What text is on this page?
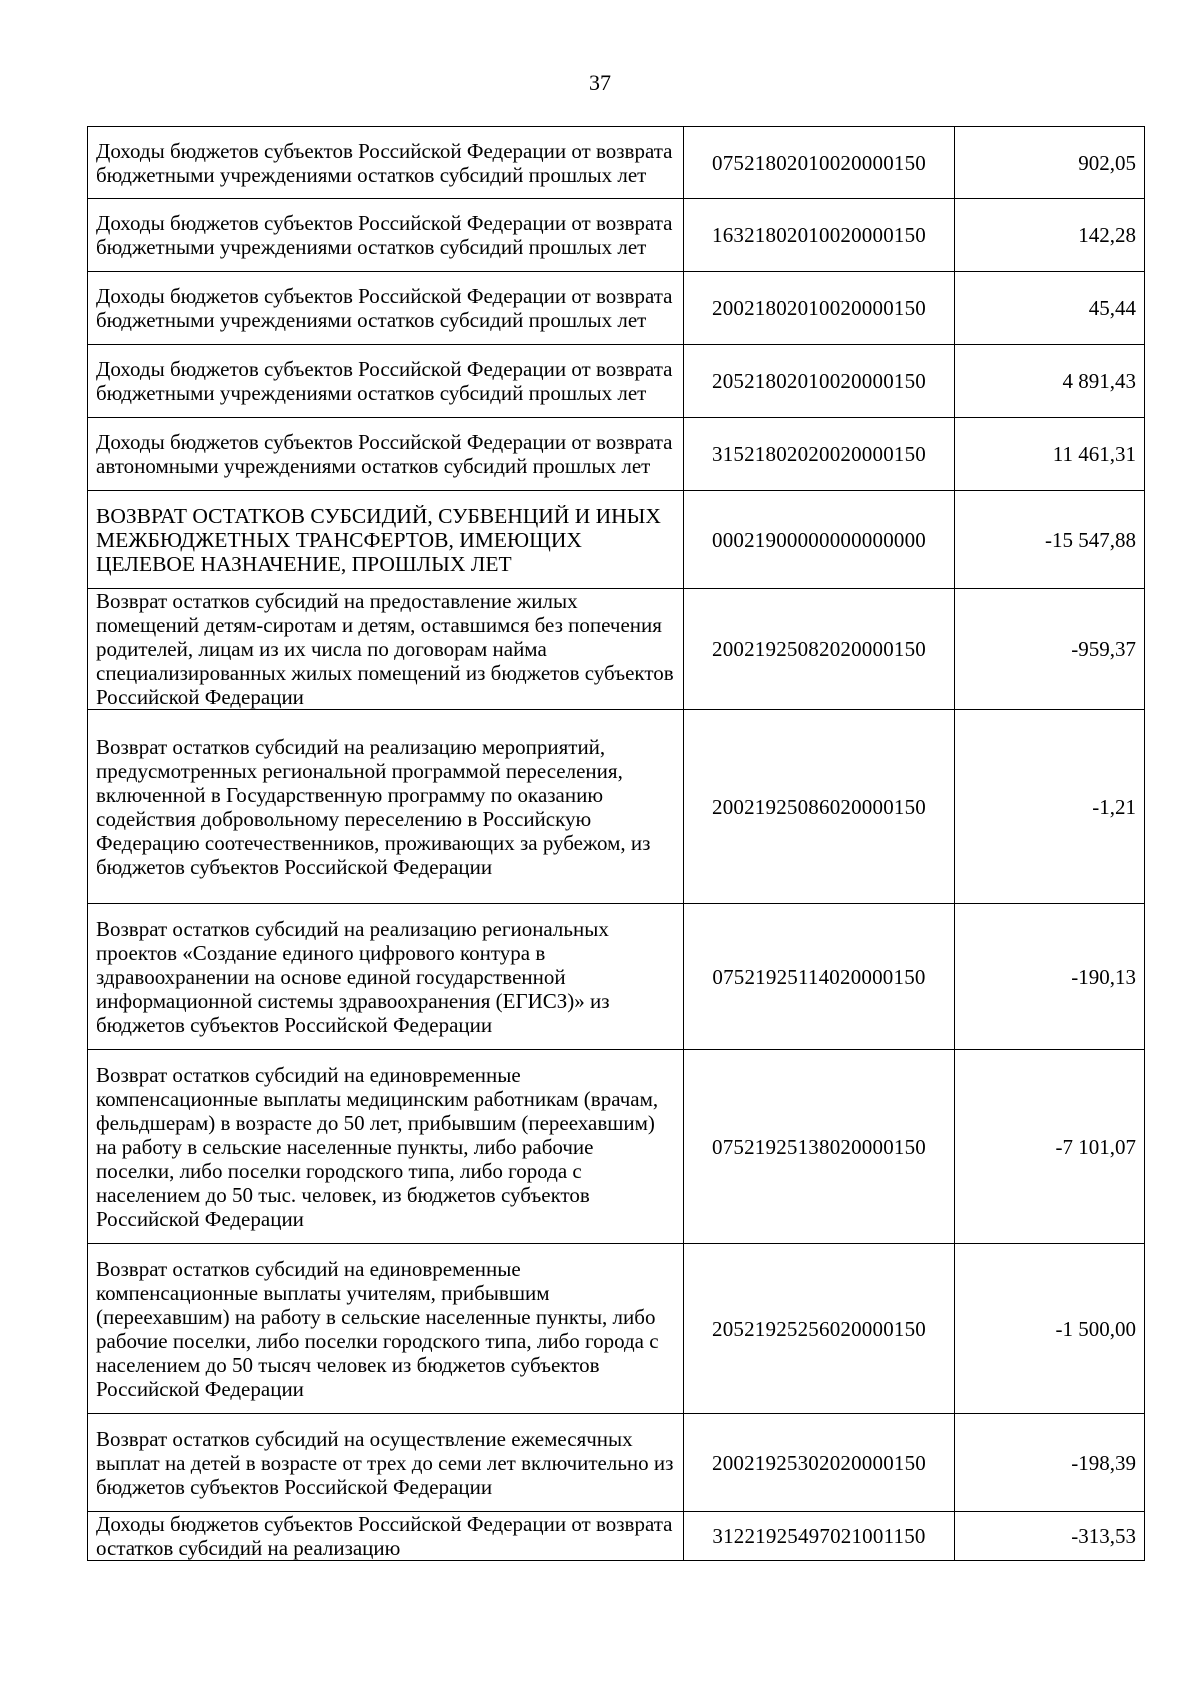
37
Доходы бюджетов субъектов Российской Федерации от возврата бюджетными учреждениями остатков субсидий прошлых лет	07521802010020000150	902,05
Доходы бюджетов субъектов Российской Федерации от возврата бюджетными учреждениями остатков субсидий прошлых лет	16321802010020000150	142,28
Доходы бюджетов субъектов Российской Федерации от возврата бюджетными учреждениями остатков субсидий прошлых лет	20021802010020000150	45,44
Доходы бюджетов субъектов Российской Федерации от возврата бюджетными учреждениями остатков субсидий прошлых лет	20521802010020000150	4 891,43
Доходы бюджетов субъектов Российской Федерации от возврата автономными учреждениями остатков субсидий прошлых лет	31521802020020000150	11 461,31
ВОЗВРАТ ОСТАТКОВ СУБСИДИЙ, СУБВЕНЦИЙ И ИНЫХ МЕЖБЮДЖЕТНЫХ ТРАНСФЕРТОВ, ИМЕЮЩИХ ЦЕЛЕВОЕ НАЗНАЧЕНИЕ, ПРОШЛЫХ ЛЕТ	00021900000000000000	-15 547,88
Возврат остатков субсидий на предоставление жилых помещений детям-сиротам и детям, оставшимся без попечения родителей, лицам из их числа по договорам найма специализированных жилых помещений из бюджетов субъектов Российской Федерации	20021925082020000150	-959,37
Возврат остатков субсидий на реализацию мероприятий, предусмотренных региональной программой переселения, включенной в Государственную программу по оказанию содействия добровольному переселению в Российскую Федерацию соотечественников, проживающих за рубежом, из бюджетов субъектов Российской Федерации	20021925086020000150	-1,21
Возврат остатков субсидий на реализацию региональных проектов «Создание единого цифрового контура в здравоохранении на основе единой государственной информационной системы здравоохранения (ЕГИСЗ)» из бюджетов субъектов Российской Федерации	07521925114020000150	-190,13
Возврат остатков субсидий на единовременные компенсационные выплаты медицинским работникам (врачам, фельдшерам) в возрасте до 50 лет, прибывшим (переехавшим) на работу в сельские населенные пункты, либо рабочие поселки, либо поселки городского типа, либо города с населением до 50 тыс. человек, из бюджетов субъектов Российской Федерации	07521925138020000150	-7 101,07
Возврат остатков субсидий на единовременные компенсационные выплаты учителям, прибывшим (переехавшим) на работу в сельские населенные пункты, либо рабочие поселки, либо поселки городского типа, либо города с населением до 50 тысяч человек из бюджетов субъектов Российской Федерации	20521925256020000150	-1 500,00
Возврат остатков субсидий на осуществление ежемесячных выплат на детей в возрасте от трех до семи лет включительно из бюджетов субъектов Российской Федерации	20021925302020000150	-198,39
Доходы бюджетов субъектов Российской Федерации от возврата остатков субсидий на реализацию	31221925497021001150	-313,53
